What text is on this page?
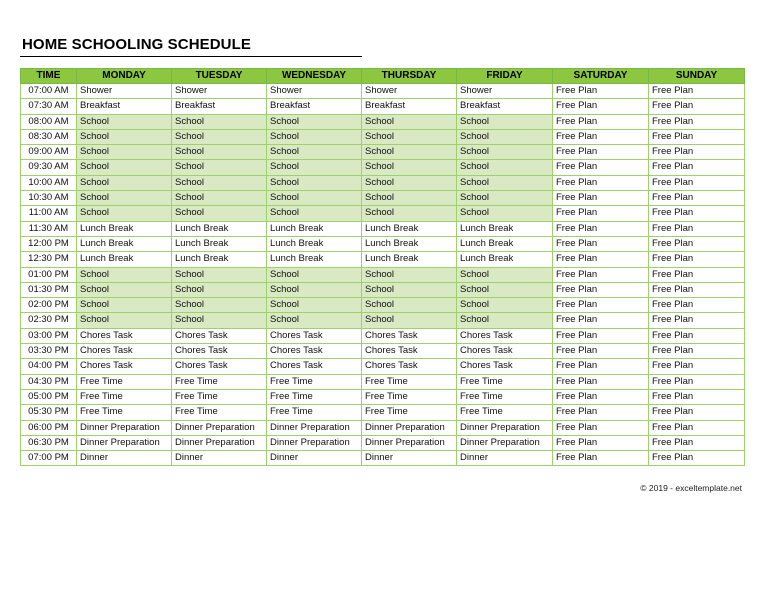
HOME SCHOOLING SCHEDULE
TIME	MONDAY	TUESDAY	WEDNESDAY	THURSDAY	FRIDAY	SATURDAY	SUNDAY
07:00 AM	Shower	Shower	Shower	Shower	Shower	Free Plan	Free Plan
07:30 AM	Breakfast	Breakfast	Breakfast	Breakfast	Breakfast	Free Plan	Free Plan
08:00 AM	School	School	School	School	School	Free Plan	Free Plan
08:30 AM	School	School	School	School	School	Free Plan	Free Plan
09:00 AM	School	School	School	School	School	Free Plan	Free Plan
09:30 AM	School	School	School	School	School	Free Plan	Free Plan
10:00 AM	School	School	School	School	School	Free Plan	Free Plan
10:30 AM	School	School	School	School	School	Free Plan	Free Plan
11:00 AM	School	School	School	School	School	Free Plan	Free Plan
11:30 AM	Lunch Break	Lunch Break	Lunch Break	Lunch Break	Lunch Break	Free Plan	Free Plan
12:00 PM	Lunch Break	Lunch Break	Lunch Break	Lunch Break	Lunch Break	Free Plan	Free Plan
12:30 PM	Lunch Break	Lunch Break	Lunch Break	Lunch Break	Lunch Break	Free Plan	Free Plan
01:00 PM	School	School	School	School	School	Free Plan	Free Plan
01:30 PM	School	School	School	School	School	Free Plan	Free Plan
02:00 PM	School	School	School	School	School	Free Plan	Free Plan
02:30 PM	School	School	School	School	School	Free Plan	Free Plan
03:00 PM	Chores Task	Chores Task	Chores Task	Chores Task	Chores Task	Free Plan	Free Plan
03:30 PM	Chores Task	Chores Task	Chores Task	Chores Task	Chores Task	Free Plan	Free Plan
04:00 PM	Chores Task	Chores Task	Chores Task	Chores Task	Chores Task	Free Plan	Free Plan
04:30 PM	Free Time	Free Time	Free Time	Free Time	Free Time	Free Plan	Free Plan
05:00 PM	Free Time	Free Time	Free Time	Free Time	Free Time	Free Plan	Free Plan
05:30 PM	Free Time	Free Time	Free Time	Free Time	Free Time	Free Plan	Free Plan
06:00 PM	Dinner Preparation	Dinner Preparation	Dinner Preparation	Dinner Preparation	Dinner Preparation	Free Plan	Free Plan
06:30 PM	Dinner Preparation	Dinner Preparation	Dinner Preparation	Dinner Preparation	Dinner Preparation	Free Plan	Free Plan
07:00 PM	Dinner	Dinner	Dinner	Dinner	Dinner	Free Plan	Free Plan
© 2019 - exceltemplate.net
